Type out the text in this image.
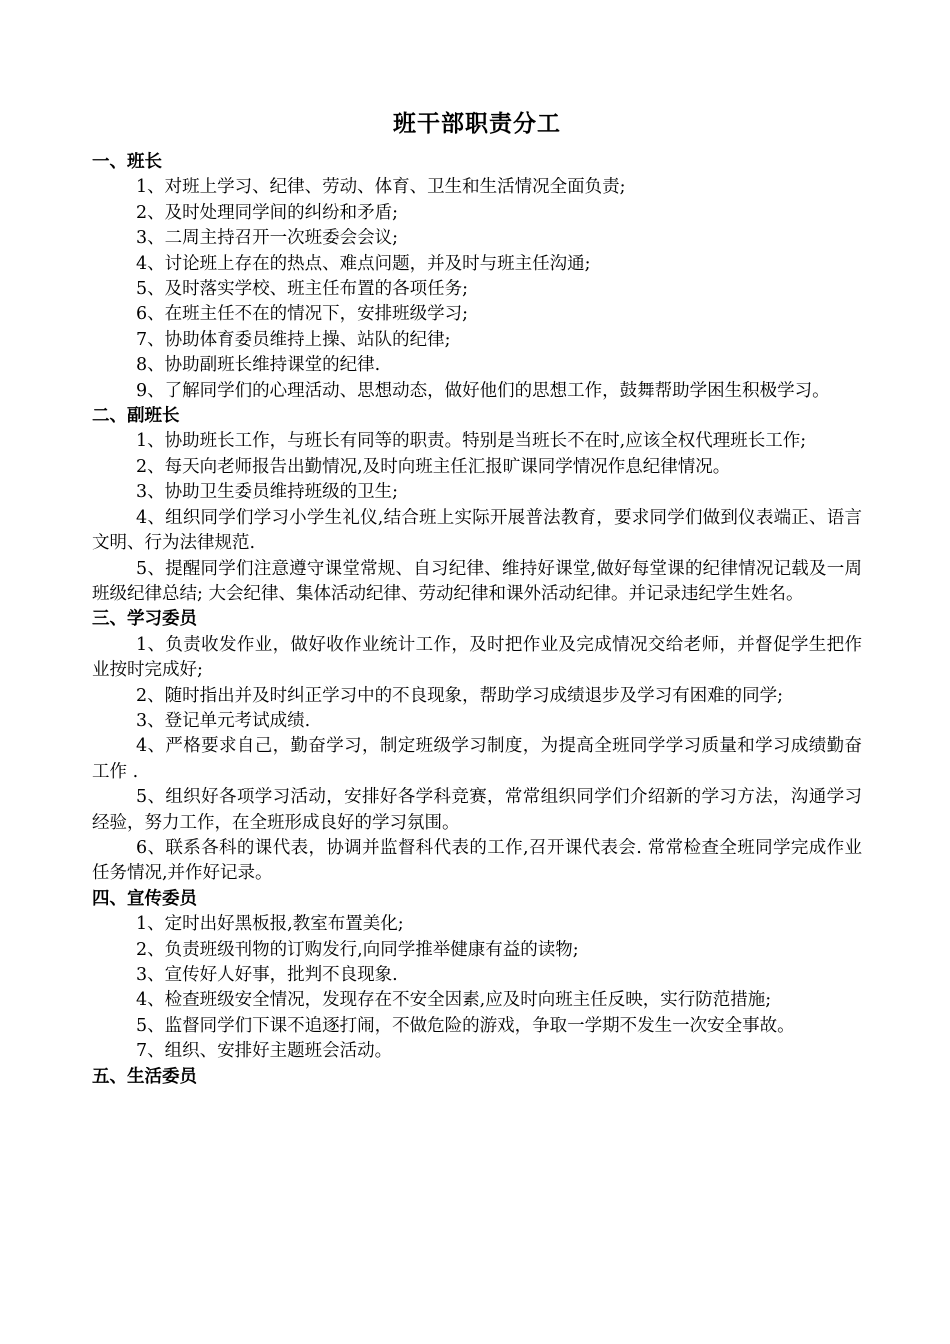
班干部职责分工

一、班长

1、对班上学习、纪律、劳动、体育、卫生和生活情况全面负责;

2、及时处理同学间的纠纷和矛盾;

3、二周主持召开一次班委会会议;

4、讨论班上存在的热点、难点问题，并及时与班主任沟通;

5、及时落实学校、班主任布置的各项任务;

6、在班主任不在的情况下，安排班级学习;

7、协助体育委员维持上操、站队的纪律;

8、协助副班长维持课堂的纪律.

9、了解同学们的心理活动、思想动态，做好他们的思想工作，鼓舞帮助学困生积极学习。

二、副班长

1、协助班长工作，与班长有同等的职责。特别是当班长不在时,应该全权代理班长工作;

2、每天向老师报告出勤情况,及时向班主任汇报旷课同学情况作息纪律情况。

3、协助卫生委员维持班级的卫生;

4、组织同学们学习小学生礼仪,结合班上实际开展普法教育，要求同学们做到仪表端正、语言文明、行为法律规范.

5、提醒同学们注意遵守课堂常规、自习纪律、维持好课堂,做好每堂课的纪律情况记载及一周班级纪律总结; 大会纪律、集体活动纪律、劳动纪律和课外活动纪律。并记录违纪学生姓名。

三、学习委员

1、负责收发作业，做好收作业统计工作，及时把作业及完成情况交给老师，并督促学生把作业按时完成好;

2、随时指出并及时纠正学习中的不良现象，帮助学习成绩退步及学习有困难的同学;

3、登记单元考试成绩.

4、严格要求自己，勤奋学习，制定班级学习制度，为提高全班同学学习质量和学习成绩勤奋工作 .

5、组织好各项学习活动，安排好各学科竞赛，常常组织同学们介绍新的学习方法，沟通学习经验，努力工作，在全班形成良好的学习氛围。

6、联系各科的课代表，协调并监督科代表的工作,召开课代表会. 常常检查全班同学完成作业任务情况,并作好记录。

四、宣传委员

1、定时出好黑板报,教室布置美化;

2、负责班级刊物的订购发行,向同学推举健康有益的读物;

3、宣传好人好事，批判不良现象.

4、检查班级安全情况，发现存在不安全因素,应及时向班主任反映，实行防范措施;

5、监督同学们下课不追逐打闹，不做危险的游戏，争取一学期不发生一次安全事故。

7、组织、安排好主题班会活动。

五、生活委员
